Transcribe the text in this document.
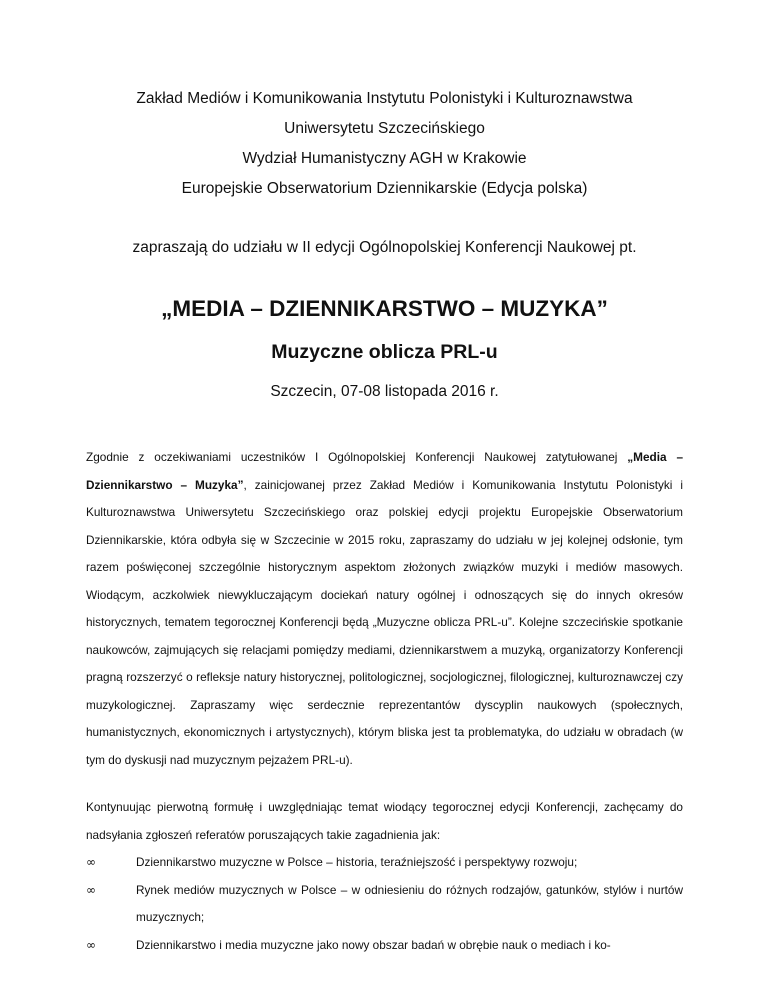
Zakład Mediów i Komunikowania Instytutu Polonistyki i Kulturoznawstwa

Uniwersytetu Szczecińskiego

Wydział Humanistyczny AGH w Krakowie

Europejskie Obserwatorium Dziennikarskie (Edycja polska)

zapraszają do udziału w II edycji Ogólnopolskiej Konferencji Naukowej pt.

„MEDIA – DZIENNIKARSTWO – MUZYKA”
Muzyczne oblicza PRL-u

Szczecin, 07-08 listopada 2016 r.

Zgodnie z oczekiwaniami uczestników I Ogólnopolskiej Konferencji Naukowej zatytułowanej „Media – Dziennikarstwo – Muzyka”, zainicjowanej przez Zakład Mediów i Komunikowania Instytutu Polonistyki i Kulturoznawstwa Uniwersytetu Szczecińskiego oraz polskiej edycji projektu Europejskie Obserwatorium Dziennikarskie, która odbyła się w Szczecinie w 2015 roku, zapraszamy do udziału w jej kolejnej odsłonie, tym razem poświęconej szczególnie historycznym aspektom złożonych związków muzyki i mediów masowych. Wiodącym, aczkolwiek niewykluczającym dociekań natury ogólnej i odnoszących się do innych okresów historycznych, tematem tegorocznej Konferencji będą „Muzyczne oblicza PRL-u”. Kolejne szczecińskie spotkanie naukowców, zajmujących się relacjami pomiędzy mediami, dziennikarstwem a muzyką, organizatorzy Konferencji pragną rozszerzyć o refleksje natury historycznej, politologicznej, socjologicznej, filologicznej, kulturoznawczej czy muzykologicznej. Zapraszamy więc serdecznie reprezentantów dyscyplin naukowych (społecznych, humanistycznych, ekonomicznych i artystycznych), którym bliska jest ta problematyka, do udziału w obradach (w tym do dyskusji nad muzycznym pejzażem PRL-u).

Kontynuując pierwotną formułę i uwzględniając temat wiodący tegorocznej edycji Konferencji, zachęcamy do nadsyłania zgłoszeń referatów poruszających takie zagadnienia jak:

∞	Dziennikarstwo muzyczne w Polsce – historia, teraźniejszość i perspektywy rozwoju;
∞	Rynek mediów muzycznych w Polsce – w odniesieniu do różnych rodzajów, gatunków, stylów i nurtów muzycznych;
∞	Dziennikarstwo i media muzyczne jako nowy obszar badań w obrębie nauk o mediach i ko-
